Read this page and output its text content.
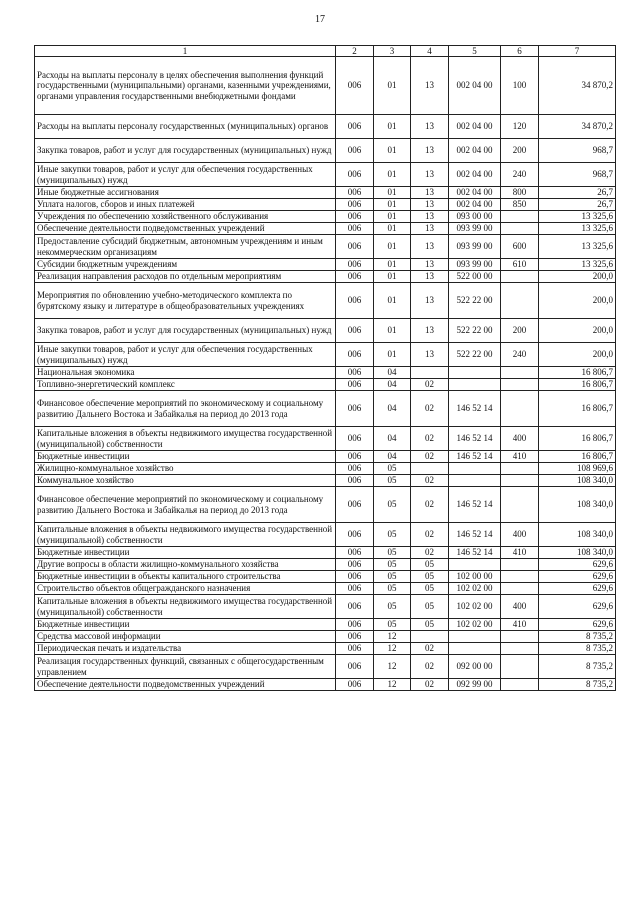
17
1	2	3	4	5	6	7
Расходы на выплаты персоналу в целях обеспечения выполнения функций государственными (муниципальными) органами, казенными учреждениями, органами управления государственными внебюджетными фондами	006	01	13	002 04 00	100	34 870,2
Расходы на выплаты персоналу государственных (муниципальных) органов	006	01	13	002 04 00	120	34 870,2
Закупка товаров, работ и услуг для государственных (муниципальных) нужд	006	01	13	002 04 00	200	968,7
Иные закупки товаров, работ и услуг для обеспечения государственных (муниципальных) нужд	006	01	13	002 04 00	240	968,7
Иные бюджетные ассигнования	006	01	13	002 04 00	800	26,7
Уплата налогов, сборов и иных платежей	006	01	13	002 04 00	850	26,7
Учреждения по обеспечению хозяйственного обслуживания	006	01	13	093 00 00		13 325,6
Обеспечение деятельности подведомственных учреждений	006	01	13	093 99 00		13 325,6
Предоставление субсидий бюджетным, автономным учреждениям и иным некоммерческим организациям	006	01	13	093 99 00	600	13 325,6
Субсидии бюджетным учреждениям	006	01	13	093 99 00	610	13 325,6
Реализация направления расходов по отдельным мероприятиям	006	01	13	522 00 00		200,0
Мероприятия по обновлению учебно-методического комплекта по бурятскому языку и литературе в общеобразовательных учреждениях	006	01	13	522 22 00		200,0
Закупка товаров, работ и услуг для государственных (муниципальных) нужд	006	01	13	522 22 00	200	200,0
Иные закупки товаров, работ и услуг для обеспечения государственных (муниципальных) нужд	006	01	13	522 22 00	240	200,0
Национальная экономика	006	04				16 806,7
Топливно-энергетический комплекс	006	04	02			16 806,7
Финансовое обеспечение мероприятий по экономическому и социальному развитию Дальнего Востока и Забайкалья на период до 2013 года	006	04	02	146 52 14		16 806,7
Капитальные вложения в объекты недвижимого имущества государственной (муниципальной) собственности	006	04	02	146 52 14	400	16 806,7
Бюджетные инвестиции	006	04	02	146 52 14	410	16 806,7
Жилищно-коммунальное хозяйство	006	05				108 969,6
Коммунальное хозяйство	006	05	02			108 340,0
Финансовое обеспечение мероприятий по экономическому и социальному развитию Дальнего Востока и Забайкалья на период до 2013 года	006	05	02	146 52 14		108 340,0
Капитальные вложения в объекты недвижимого имущества государственной (муниципальной) собственности	006	05	02	146 52 14	400	108 340,0
Бюджетные инвестиции	006	05	02	146 52 14	410	108 340,0
Другие вопросы в области жилищно-коммунального хозяйства	006	05	05			629,6
Бюджетные инвестиции в объекты капитального строительства	006	05	05	102 00 00		629,6
Строительство объектов общегражданского назначения	006	05	05	102 02 00		629,6
Капитальные вложения в объекты недвижимого имущества государственной (муниципальной) собственности	006	05	05	102 02 00	400	629,6
Бюджетные инвестиции	006	05	05	102 02 00	410	629,6
Средства массовой информации	006	12				8 735,2
Периодическая печать и издательства	006	12	02			8 735,2
Реализация государственных функций, связанных с общегосударственным управлением	006	12	02	092 00 00		8 735,2
Обеспечение деятельности подведомственных учреждений	006	12	02	092 99 00		8 735,2
